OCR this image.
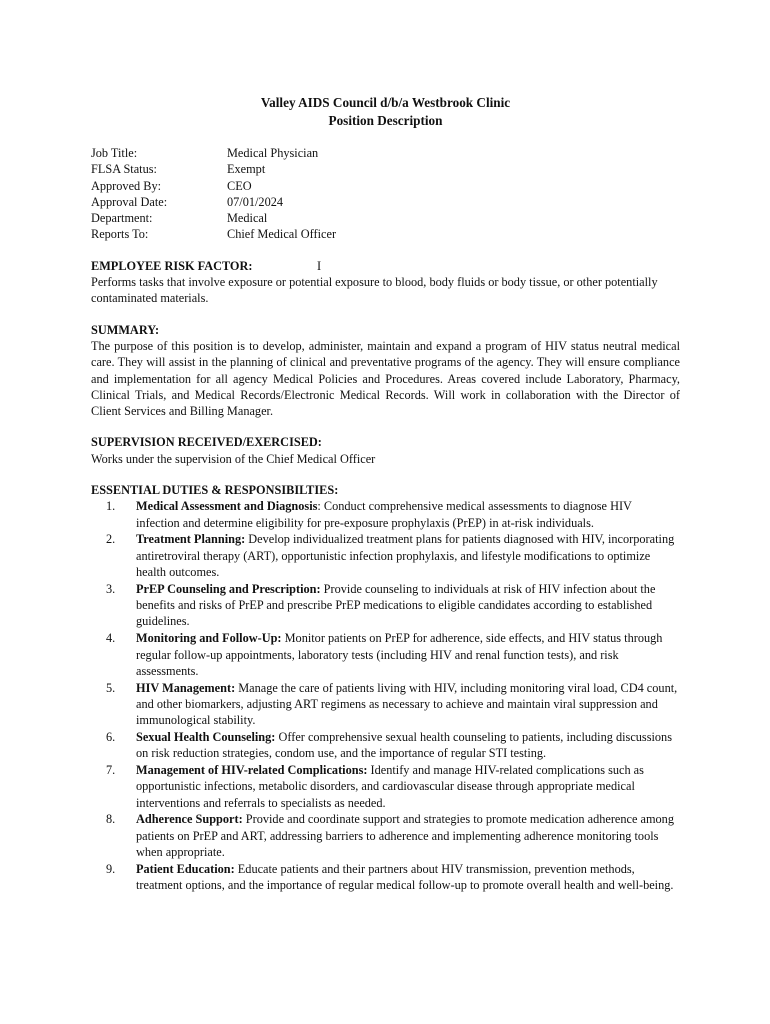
Valley AIDS Council d/b/a Westbrook Clinic
Position Description
Job Title:	Medical Physician
FLSA Status:	Exempt
Approved By:	CEO
Approval Date:	07/01/2024
Department:	Medical
Reports To:	Chief Medical Officer
EMPLOYEE RISK FACTOR:	I
Performs tasks that involve exposure or potential exposure to blood, body fluids or body tissue, or other potentially contaminated materials.
SUMMARY:
The purpose of this position is to develop, administer, maintain and expand a program of HIV status neutral medical care. They will assist in the planning of clinical and preventative programs of the agency. They will ensure compliance and implementation for all agency Medical Policies and Procedures. Areas covered include Laboratory, Pharmacy, Clinical Trials, and Medical Records/Electronic Medical Records. Will work in collaboration with the Director of Client Services and Billing Manager.
SUPERVISION RECEIVED/EXERCISED:
Works under the supervision of the Chief Medical Officer
ESSENTIAL DUTIES & RESPONSIBILTIES:
1.	Medical Assessment and Diagnosis: Conduct comprehensive medical assessments to diagnose HIV infection and determine eligibility for pre-exposure prophylaxis (PrEP) in at-risk individuals.
2.	Treatment Planning: Develop individualized treatment plans for patients diagnosed with HIV, incorporating antiretroviral therapy (ART), opportunistic infection prophylaxis, and lifestyle modifications to optimize health outcomes.
3.	PrEP Counseling and Prescription: Provide counseling to individuals at risk of HIV infection about the benefits and risks of PrEP and prescribe PrEP medications to eligible candidates according to established guidelines.
4.	Monitoring and Follow-Up: Monitor patients on PrEP for adherence, side effects, and HIV status through regular follow-up appointments, laboratory tests (including HIV and renal function tests), and risk assessments.
5.	HIV Management: Manage the care of patients living with HIV, including monitoring viral load, CD4 count, and other biomarkers, adjusting ART regimens as necessary to achieve and maintain viral suppression and immunological stability.
6.	Sexual Health Counseling: Offer comprehensive sexual health counseling to patients, including discussions on risk reduction strategies, condom use, and the importance of regular STI testing.
7.	Management of HIV-related Complications: Identify and manage HIV-related complications such as opportunistic infections, metabolic disorders, and cardiovascular disease through appropriate medical interventions and referrals to specialists as needed.
8.	Adherence Support: Provide and coordinate support and strategies to promote medication adherence among patients on PrEP and ART, addressing barriers to adherence and implementing adherence monitoring tools when appropriate.
9.	Patient Education: Educate patients and their partners about HIV transmission, prevention methods, treatment options, and the importance of regular medical follow-up to promote overall health and well-being.
